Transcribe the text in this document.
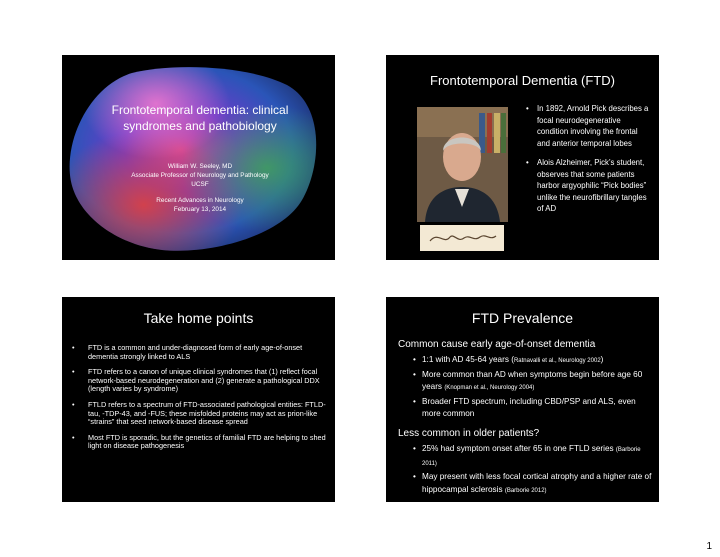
Frontotemporal dementia: clinical syndromes and pathobiology
William W. Seeley, MD
Associate Professor of Neurology and Pathology
UCSF
Recent Advances in Neurology
February 13, 2014
Frontotemporal Dementia (FTD)
• In 1892, Arnold Pick describes a focal neurodegenerative condition involving the frontal and anterior temporal lobes
• Alois Alzheimer, Pick’s student, observes that some patients harbor argyophilic “Pick bodies” unlike the neurofibrillary tangles of AD
Take home points
• FTD is a common and under-diagnosed form of early age-of-onset dementia strongly linked to ALS
• FTD refers to a canon of unique clinical syndromes that (1) reflect focal network-based neurodegeneration and (2) generate a pathological DDX (length varies by syndrome)
• FTLD refers to a spectrum of FTD-associated pathological entities: FTLD-tau, -TDP-43, and -FUS; these misfolded proteins may act as prion-like “strains” that seed network-based disease spread
• Most FTD is sporadic, but the genetics of familial FTD are helping to shed light on disease pathogenesis
FTD Prevalence
Common cause early age-of-onset dementia
• 1:1 with AD 45-64 years (Ratnavalli et al., Neurology 2002)
• More common than AD when symptoms begin before age 60 years (Knopman et al., Neurology 2004)
• Broader FTD spectrum, including CBD/PSP and ALS, even more common
Less common in older patients?
• 25% had symptom onset after 65 in one FTLD series (Barborie 2011)
• May present with less focal cortical atrophy and a higher rate of hippocampal sclerosis (Barborie 2012)
1
